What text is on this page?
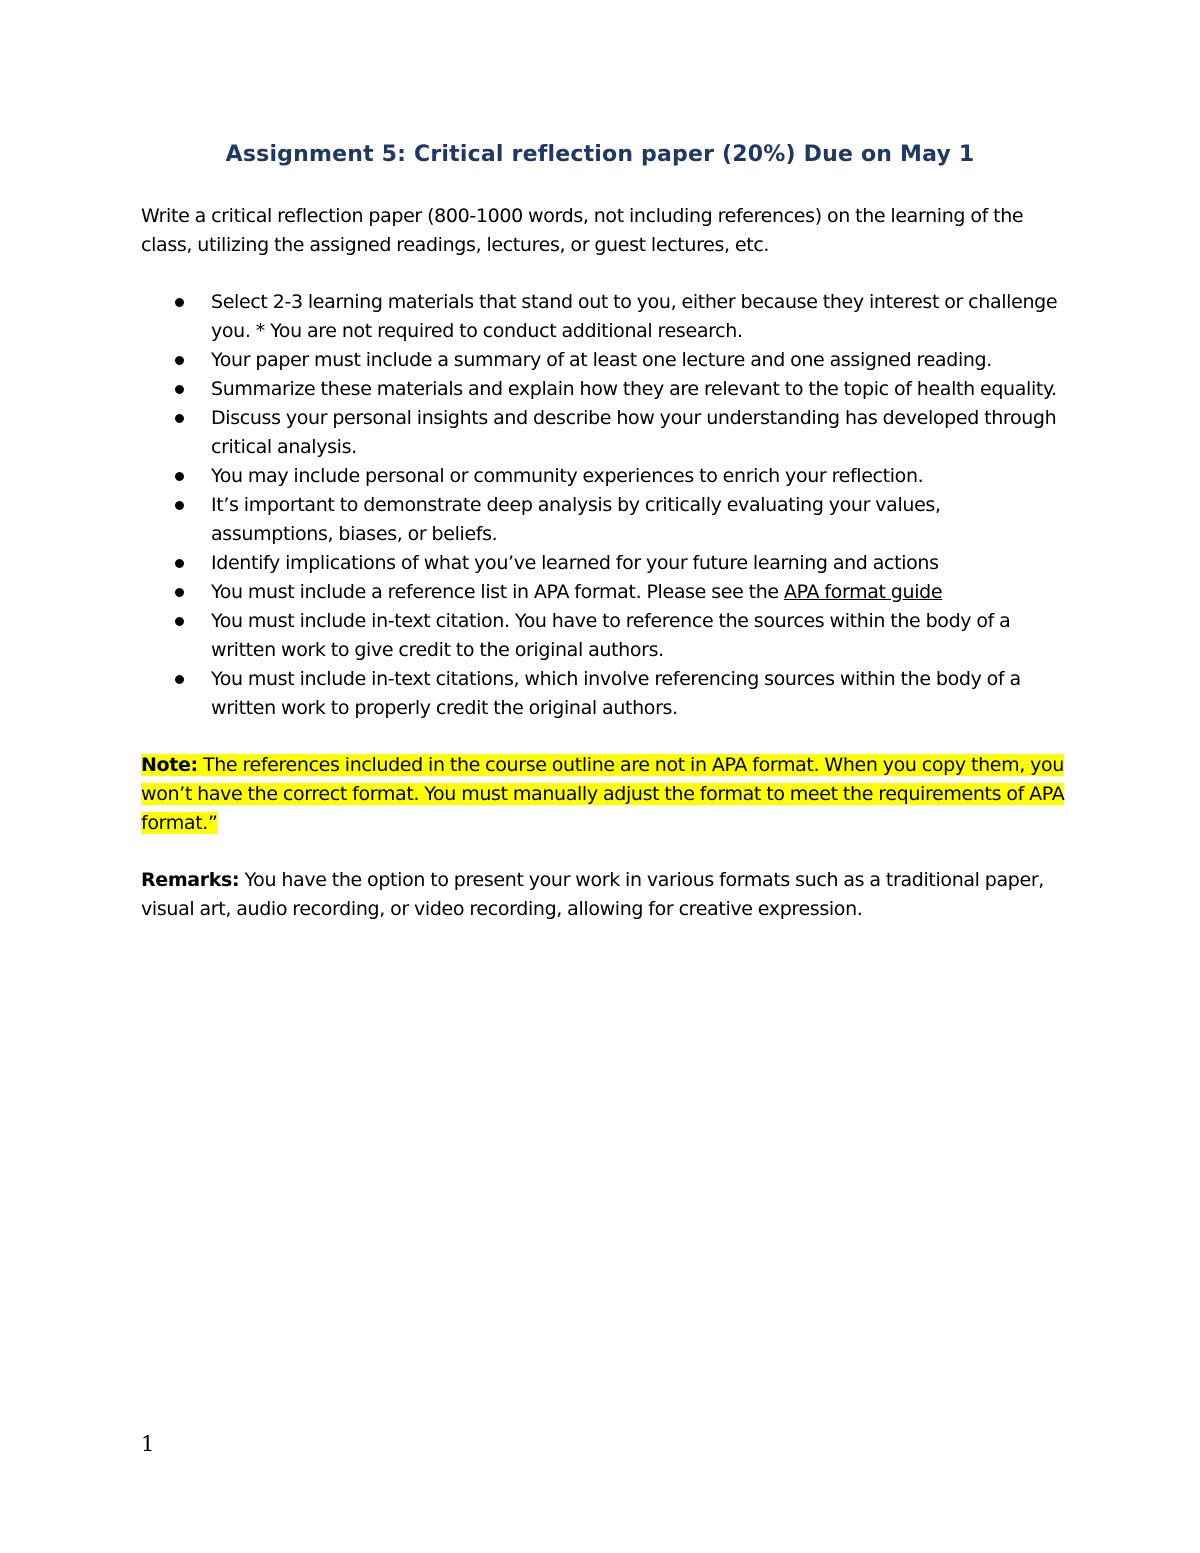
Assignment 5: Critical reflection paper (20%) Due on May 1

Write a critical reflection paper (800-1000 words, not including references) on the learning of the class, utilizing the assigned readings, lectures, or guest lectures, etc.

Select 2-3 learning materials that stand out to you, either because they interest or challenge you. * You are not required to conduct additional research.
Your paper must include a summary of at least one lecture and one assigned reading.
Summarize these materials and explain how they are relevant to the topic of health equality.
Discuss your personal insights and describe how your understanding has developed through critical analysis.
You may include personal or community experiences to enrich your reflection.
It’s important to demonstrate deep analysis by critically evaluating your values, assumptions, biases, or beliefs.
Identify implications of what you’ve learned for your future learning and actions
You must include a reference list in APA format. Please see the APA format guide
You must include in-text citation. You have to reference the sources within the body of a written work to give credit to the original authors.
You must include in-text citations, which involve referencing sources within the body of a written work to properly credit the original authors.

Note: The references included in the course outline are not in APA format. When you copy them, you won’t have the correct format. You must manually adjust the format to meet the requirements of APA format.”

Remarks: You have the option to present your work in various formats such as a traditional paper, visual art, audio recording, or video recording, allowing for creative expression.

1
